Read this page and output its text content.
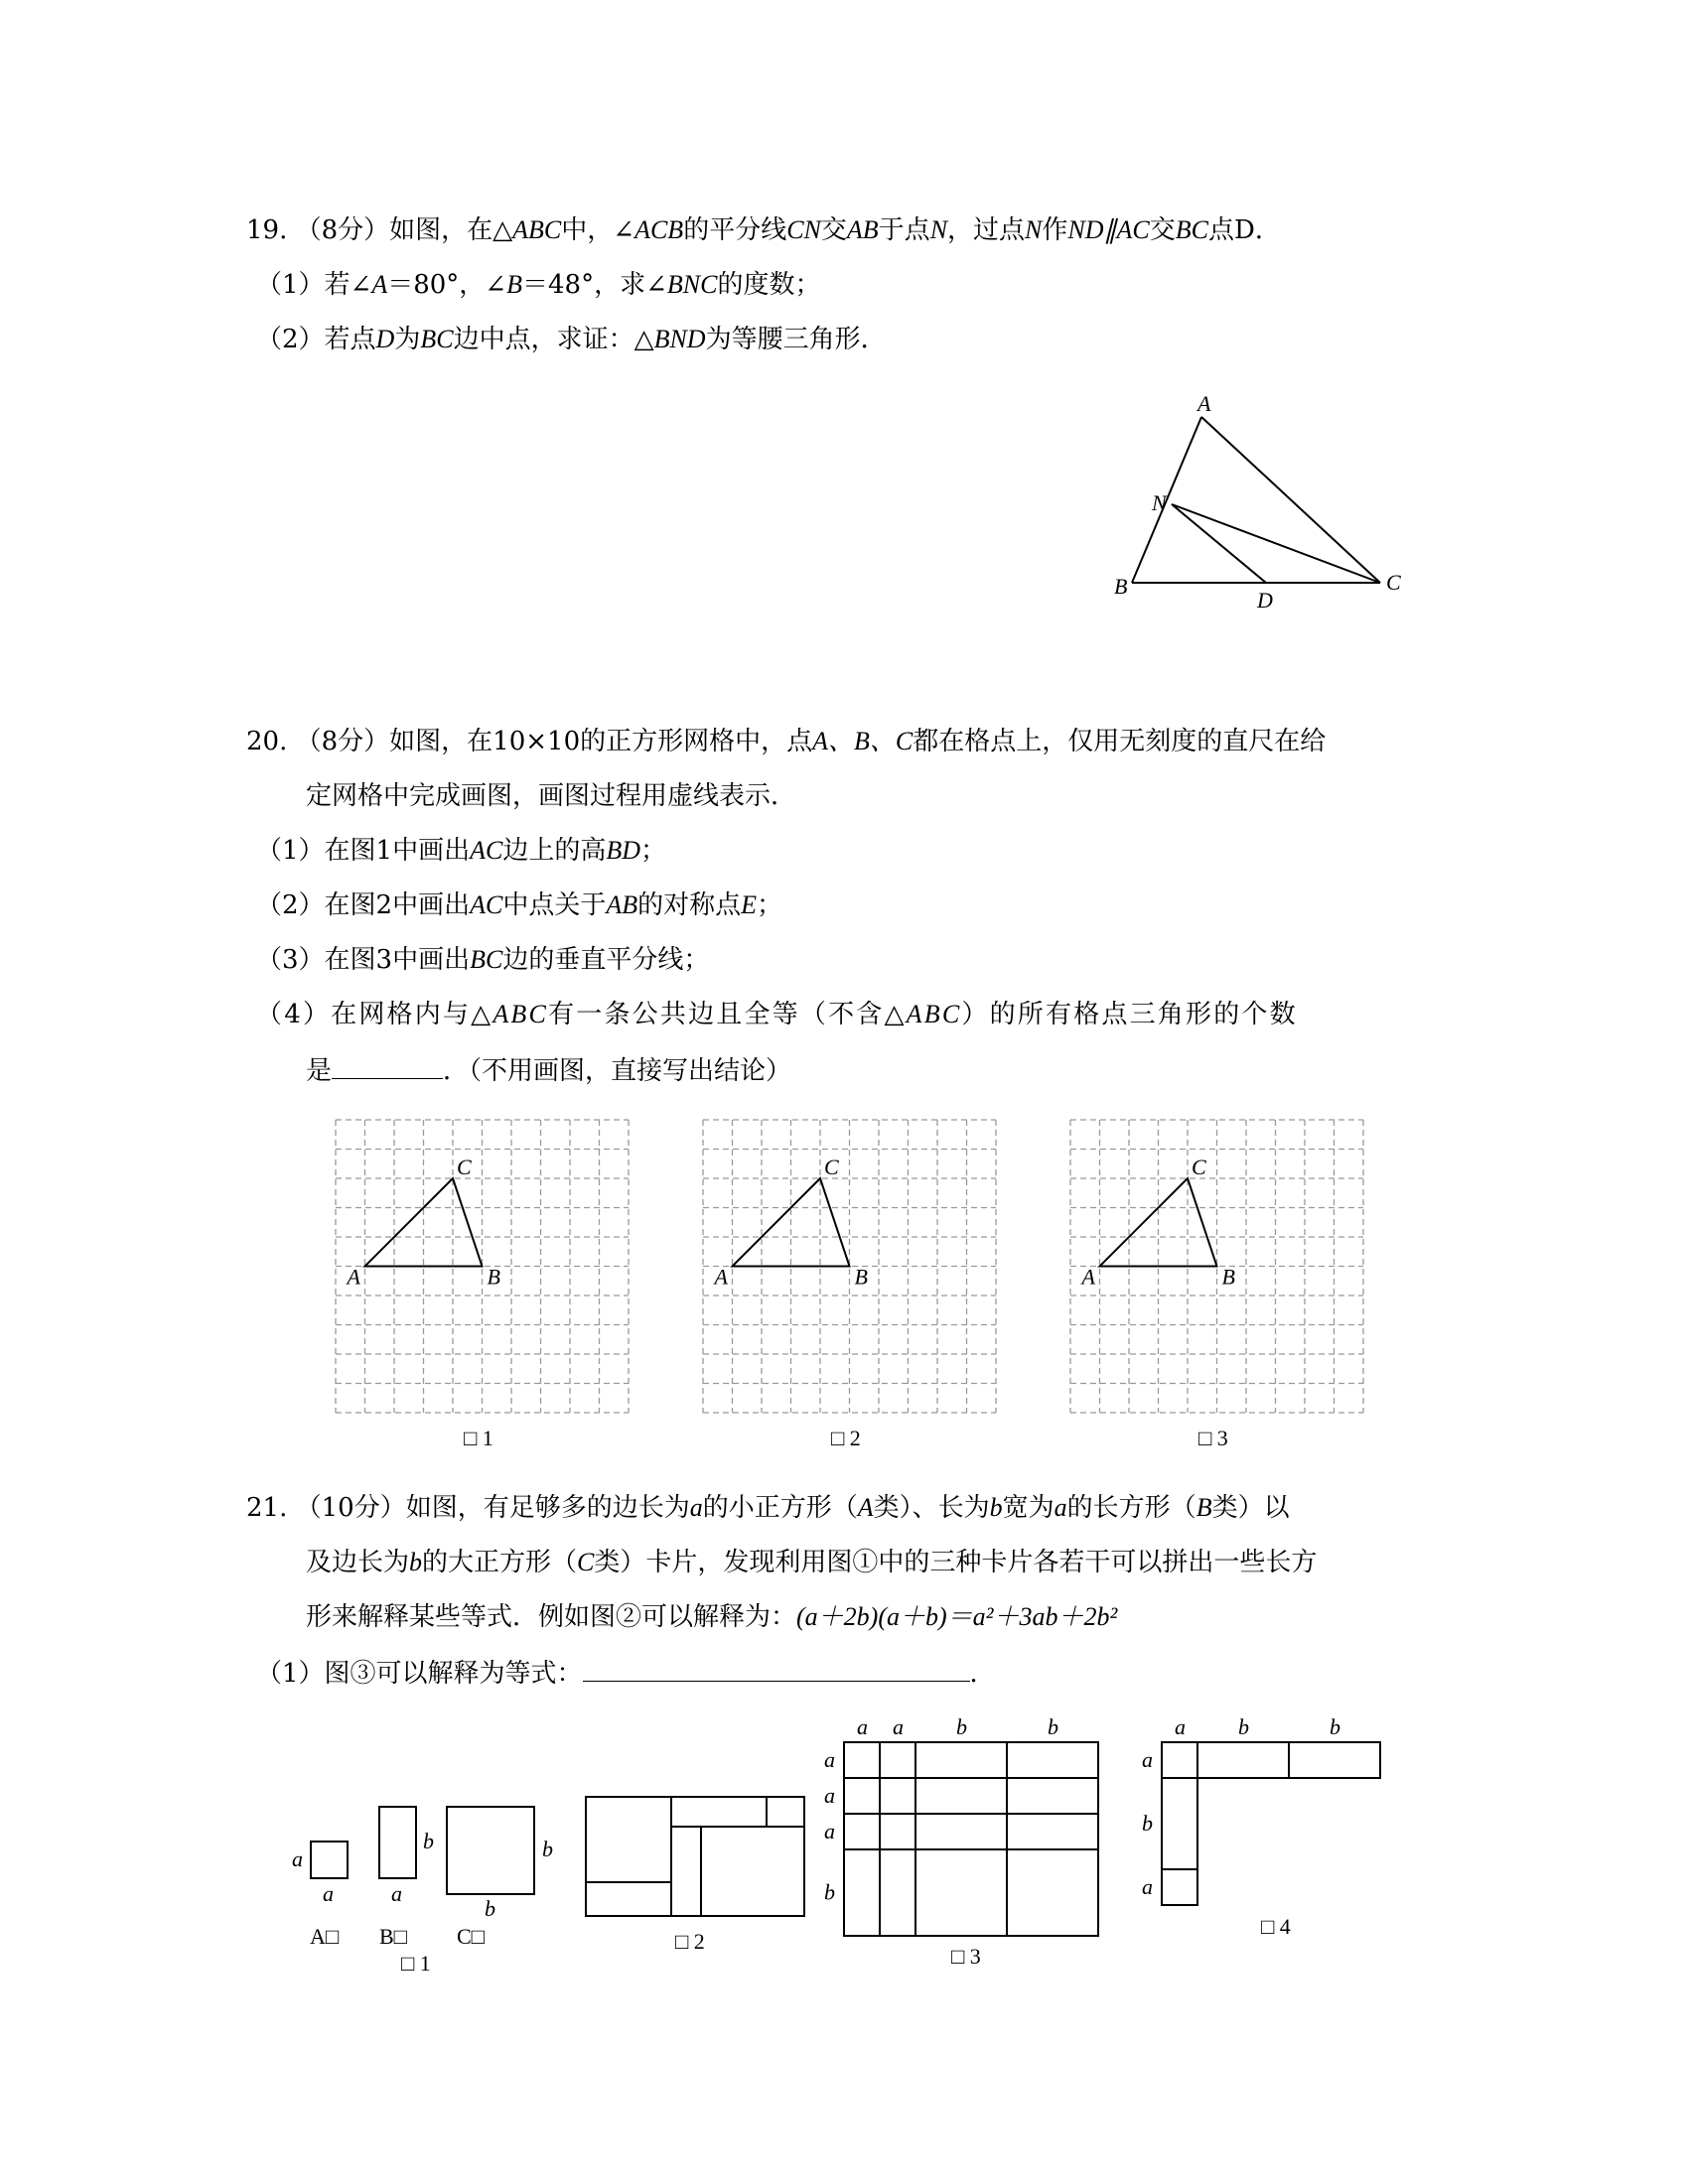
19. （8分）如图，在△ABC中，∠ACB的平分线CN交AB于点N，过点N作ND∥AC交BC点D．
（1）若∠A＝80°，∠B＝48°，求∠BNC的度数；
（2）若点D为BC边中点，求证：△BND为等腰三角形．
A
N
B
D
C
20. （8分）如图，在10×10的正方形网格中，点A、B、C都在格点上，仅用无刻度的直尺在给
定网格中完成画图，画图过程用虚线表示．
（1）在图1中画出AC边上的高BD；
（2）在图2中画出AC中点关于AB的对称点E；
（3）在图3中画出BC边的垂直平分线；
（4）在网格内与△ABC有一条公共边且全等（不含△ABC）的所有格点三角形的个数
是	．（不用画图，直接写出结论）
A	B
C
□ 1
A	B
C
□ 2
A	B
C
□ 3
21. （10分）如图，有足够多的边长为a的小正方形（A类）、长为b宽为a的长方形（B类）以
及边长为b的大正方形（C类）卡片，发现利用图①中的三种卡片各若干可以拼出一些长方
形来解释某些等式．例如图②可以解释为：(a＋2b)(a＋b)＝a²＋3ab＋2b²
（1）图③可以解释为等式：	．
a
a
b
a
b
b
A□ B□ C□
□ 1
□ 2
a
a
a
a
b
a
b
b
□ 3
a b	b
a
b
a
□ 4
